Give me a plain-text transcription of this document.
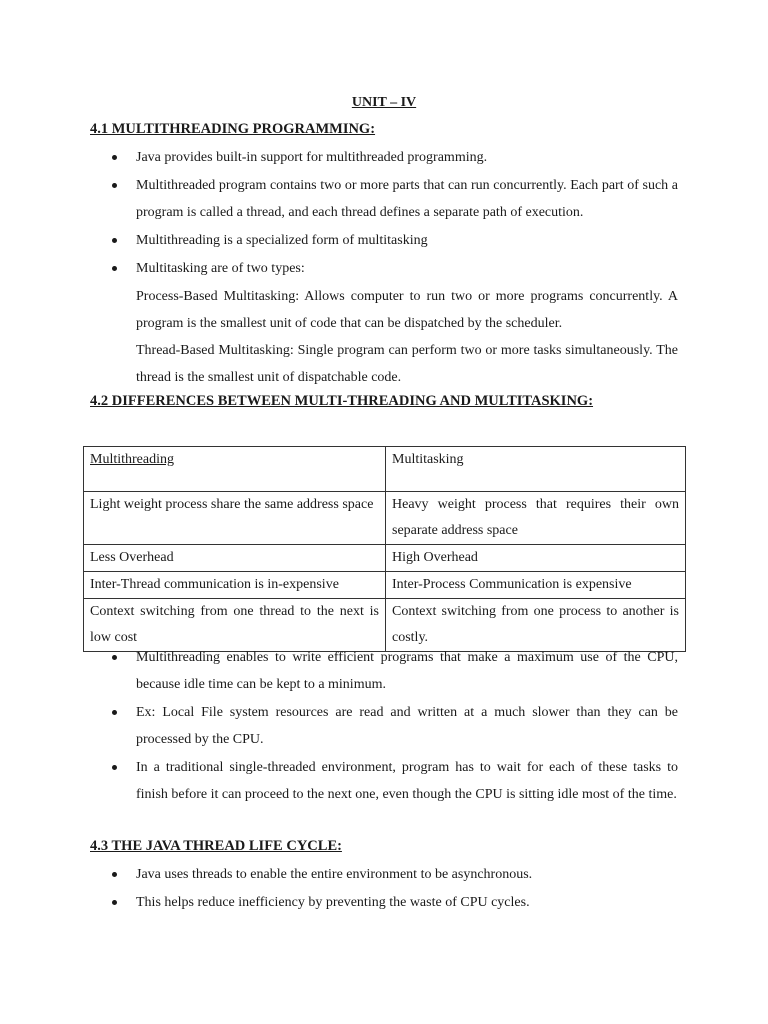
UNIT – IV
4.1 MULTITHREADING PROGRAMMING:
Java provides built-in support for multithreaded programming.
Multithreaded program contains two or more parts that can run concurrently. Each part of such a program is called a thread, and each thread defines a separate path of execution.
Multithreading is a specialized form of multitasking
Multitasking are of two types:
Process-Based Multitasking: Allows computer to run two or more programs concurrently. A program is the smallest unit of code that can be dispatched by the scheduler.
Thread-Based Multitasking: Single program can perform two or more tasks simultaneously. The thread is the smallest unit of dispatchable code.
4.2 DIFFERENCES BETWEEN MULTI-THREADING AND MULTITASKING:
Multithreading	Multitasking
Light weight process share the same address space	Heavy weight process that requires their own separate address space
Less Overhead	High Overhead
Inter-Thread communication is in-expensive	Inter-Process Communication is expensive
Context switching from one thread to the next is low cost	Context switching from one process to another is costly.
Multithreading enables to write efficient programs that make a maximum use of the CPU, because idle time can be kept to a minimum.
Ex: Local File system resources are read and written at a much slower than they can be processed by the CPU.
In a traditional single-threaded environment, program has to wait for each of these tasks to finish before it can proceed to the next one, even though the CPU is sitting idle most of the time.
4.3 THE JAVA THREAD LIFE CYCLE:
Java uses threads to enable the entire environment to be asynchronous.
This helps reduce inefficiency by preventing the waste of CPU cycles.
